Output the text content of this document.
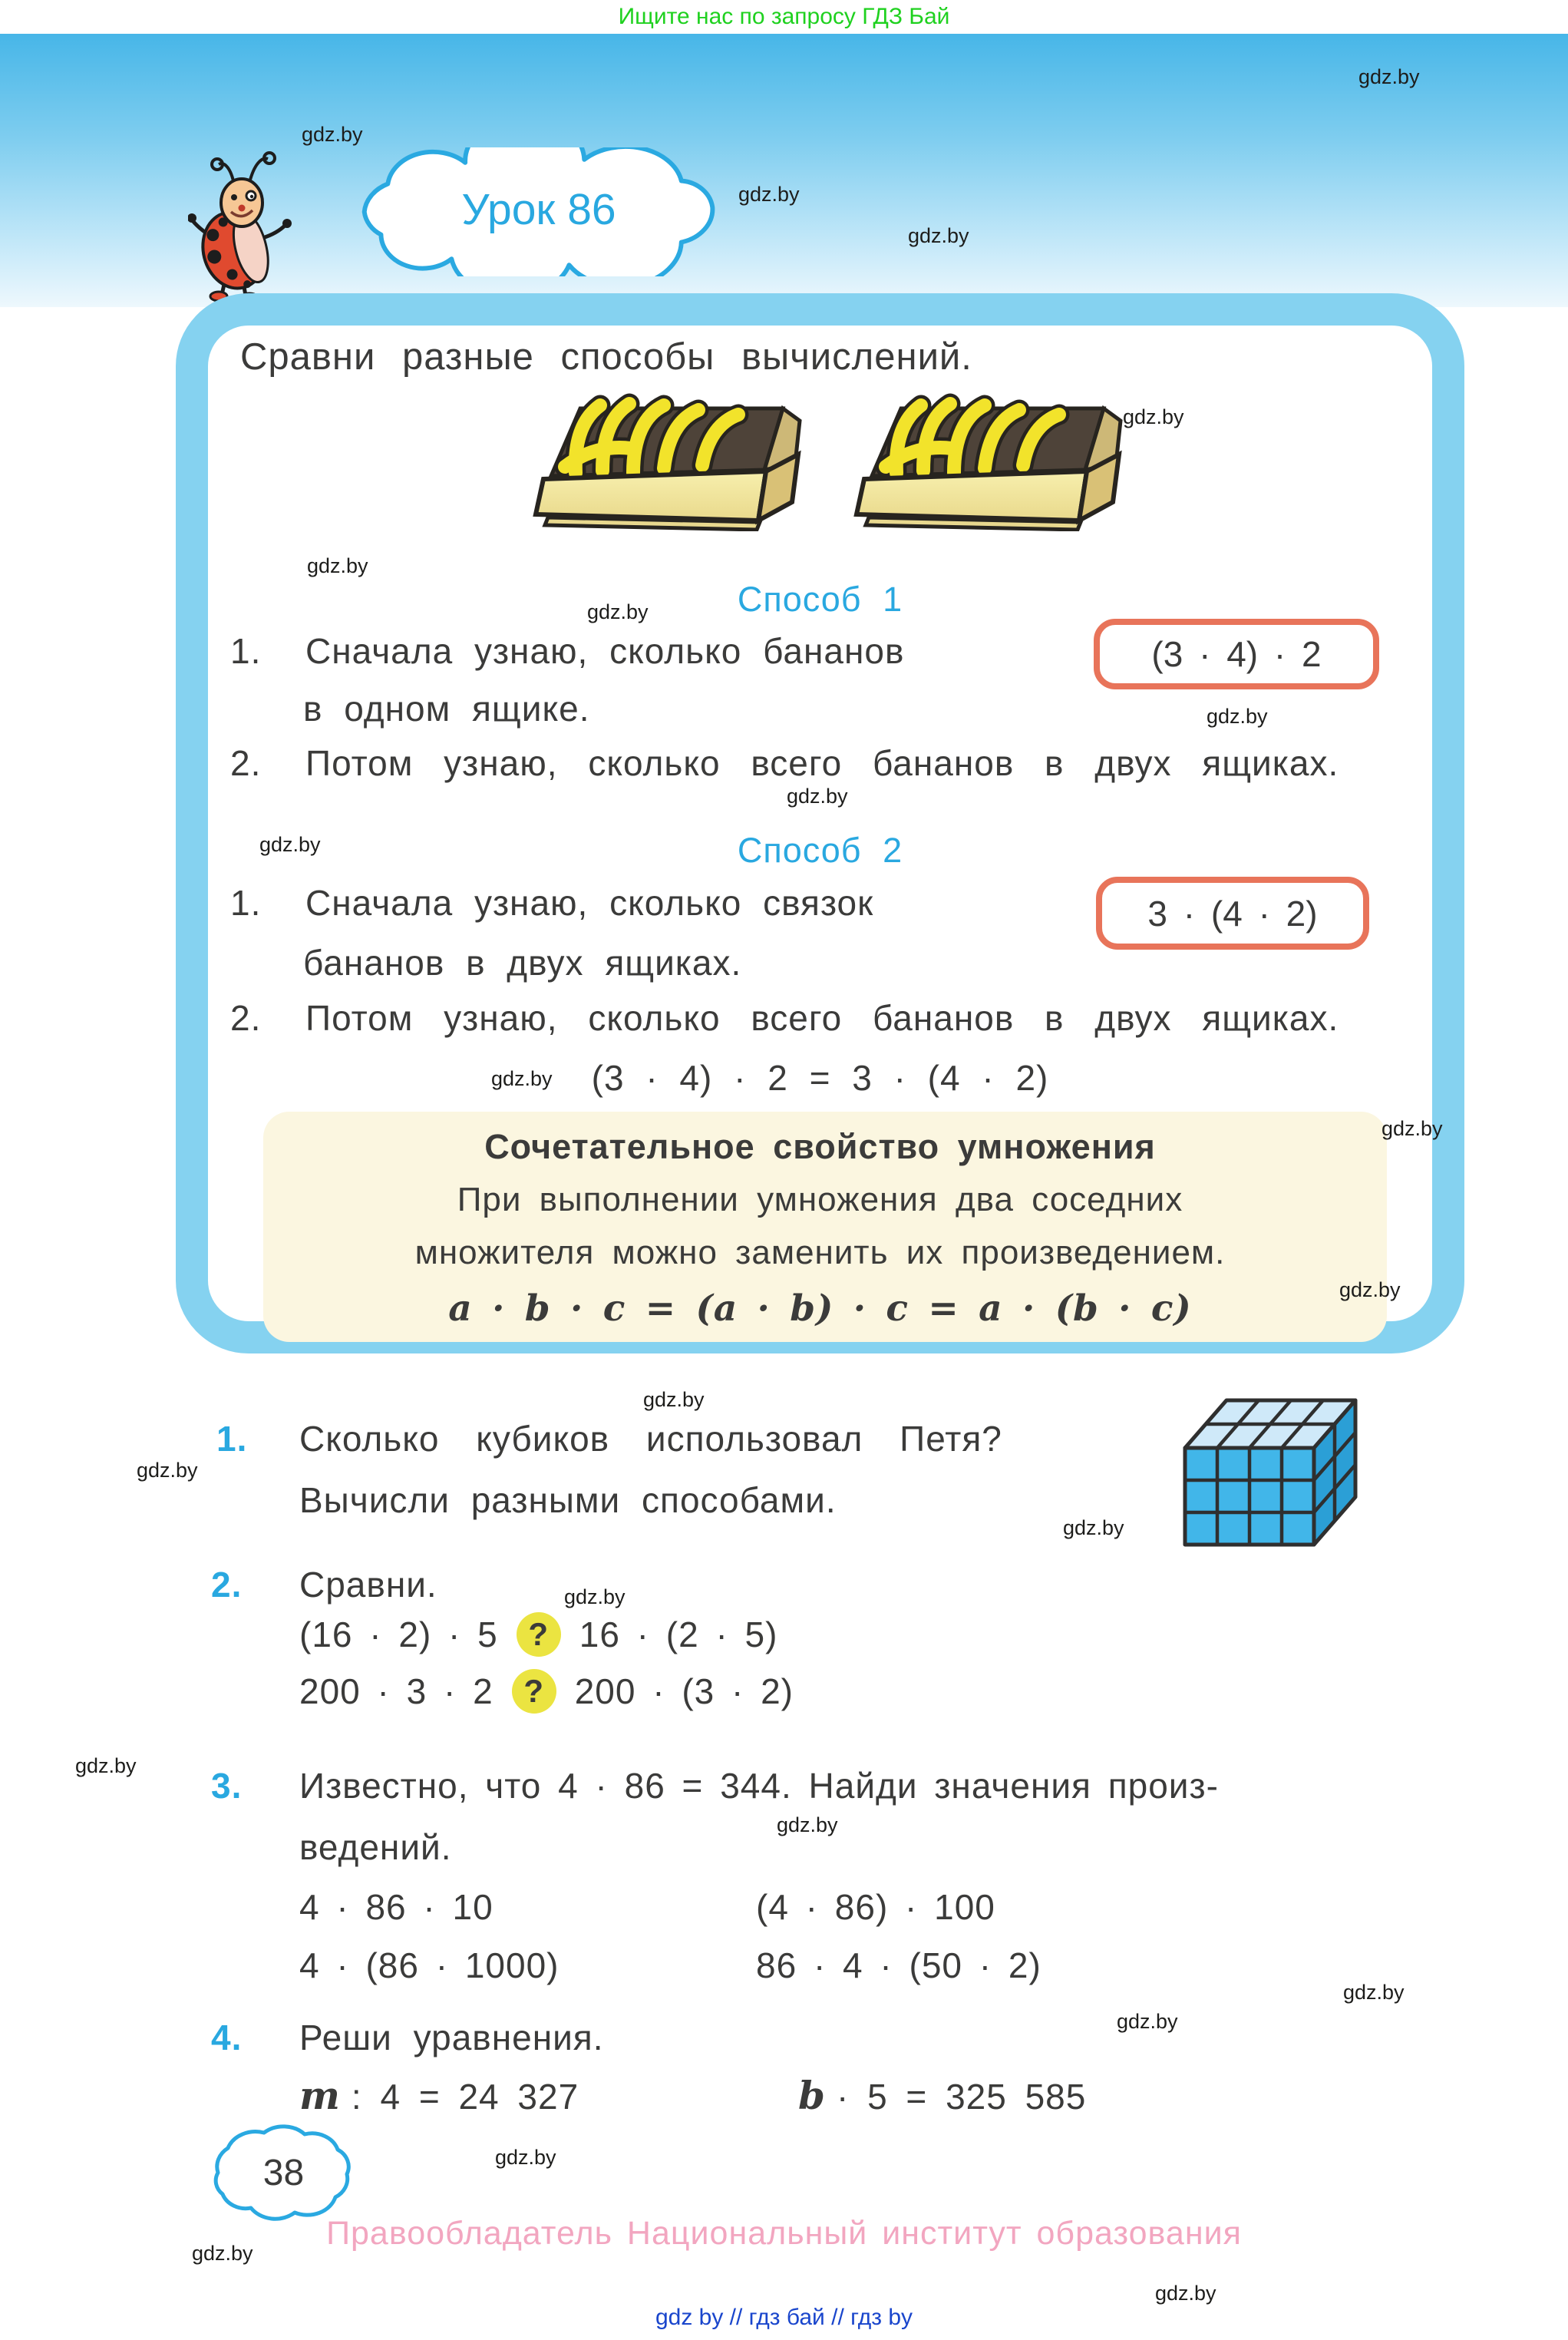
Ищите нас по запросу ГДЗ Бай
Урок 86
Сравни разные способы вычислений.
Способ 1
1. Сначала узнаю, сколько бананов
в одном ящике.
(3 · 4) · 2
2. Потом узнаю, сколько всего бананов в двух ящиках.
Способ 2
1. Сначала узнаю, сколько связок
бананов в двух ящиках.
3 · (4 · 2)
2. Потом узнаю, сколько всего бананов в двух ящиках.
(3 · 4) · 2 = 3 · (4 · 2)
Сочетательное свойство умножения
При выполнении умножения два соседних
множителя можно заменить их произведением.
a · b · c = (a · b) · c = a · (b · c)
1. Сколько кубиков использовал Петя?
Вычисли разными способами.
2. Сравни.
(16 · 2) · 5 ? 16 · (2 · 5)
200 · 3 · 2 ? 200 · (3 · 2)
3. Известно, что 4 · 86 = 344. Найди значения произ-
ведений.
4 · 86 · 10	(4 · 86) · 100
4 · (86 · 1000)	86 · 4 · (50 · 2)
4. Реши уравнения.
m : 4 = 24 327	b · 5 = 325 585
38
Правообладатель Национальный институт образования
gdz by // гдз бай // гдз by
gdz.by
gdz.by
gdz.by
gdz.by
gdz.by
gdz.by
gdz.by
gdz.by
gdz.by
gdz.by
gdz.by
gdz.by
gdz.by
gdz.by
gdz.by
gdz.by
gdz.by
gdz.by
gdz.by
gdz.by
gdz.by
gdz.by
gdz.by
gdz.by
